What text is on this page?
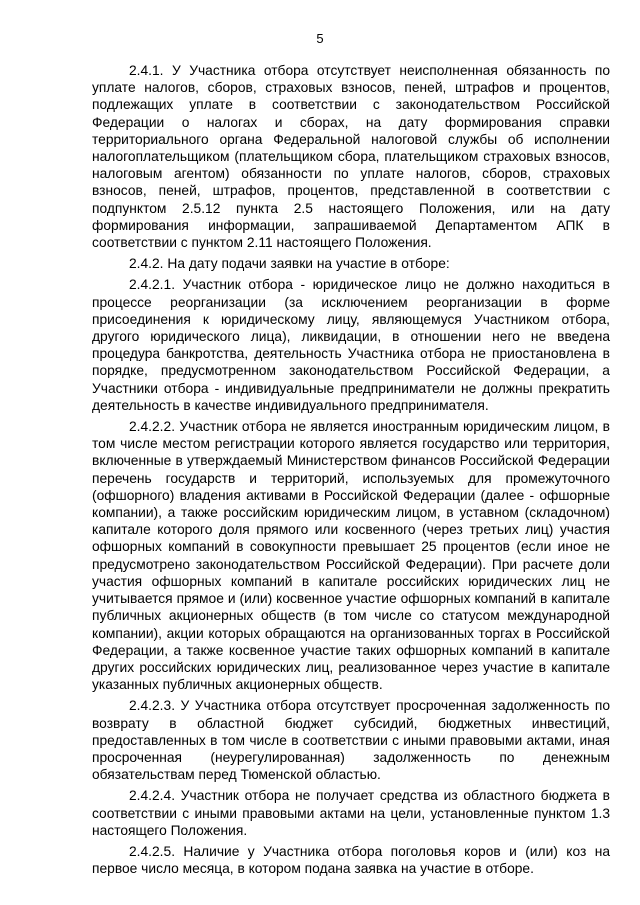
5

2.4.1. У Участника отбора отсутствует неисполненная обязанность по уплате налогов, сборов, страховых взносов, пеней, штрафов и процентов, подлежащих уплате в соответствии с законодательством Российской Федерации о налогах и сборах, на дату формирования справки территориального органа Федеральной налоговой службы об исполнении налогоплательщиком (плательщиком сбора, плательщиком страховых взносов, налоговым агентом) обязанности по уплате налогов, сборов, страховых взносов, пеней, штрафов, процентов, представленной в соответствии с подпунктом 2.5.12 пункта 2.5 настоящего Положения, или на дату формирования информации, запрашиваемой Департаментом АПК в соответствии с пунктом 2.11 настоящего Положения.

2.4.2. На дату подачи заявки на участие в отборе:

2.4.2.1. Участник отбора - юридическое лицо не должно находиться в процессе реорганизации (за исключением реорганизации в форме присоединения к юридическому лицу, являющемуся Участником отбора, другого юридического лица), ликвидации, в отношении него не введена процедура банкротства, деятельность Участника отбора не приостановлена в порядке, предусмотренном законодательством Российской Федерации, а Участники отбора - индивидуальные предприниматели не должны прекратить деятельность в качестве индивидуального предпринимателя.

2.4.2.2. Участник отбора не является иностранным юридическим лицом, в том числе местом регистрации которого является государство или территория, включенные в утверждаемый Министерством финансов Российской Федерации перечень государств и территорий, используемых для промежуточного (офшорного) владения активами в Российской Федерации (далее - офшорные компании), а также российским юридическим лицом, в уставном (складочном) капитале которого доля прямого или косвенного (через третьих лиц) участия офшорных компаний в совокупности превышает 25 процентов (если иное не предусмотрено законодательством Российской Федерации). При расчете доли участия офшорных компаний в капитале российских юридических лиц не учитывается прямое и (или) косвенное участие офшорных компаний в капитале публичных акционерных обществ (в том числе со статусом международной компании), акции которых обращаются на организованных торгах в Российской Федерации, а также косвенное участие таких офшорных компаний в капитале других российских юридических лиц, реализованное через участие в капитале указанных публичных акционерных обществ.

2.4.2.3. У Участника отбора отсутствует просроченная задолженность по возврату в областной бюджет субсидий, бюджетных инвестиций, предоставленных в том числе в соответствии с иными правовыми актами, иная просроченная (неурегулированная) задолженность по денежным обязательствам перед Тюменской областью.

2.4.2.4. Участник отбора не получает средства из областного бюджета в соответствии с иными правовыми актами на цели, установленные пунктом 1.3 настоящего Положения.

2.4.2.5. Наличие у Участника отбора поголовья коров и (или) коз на первое число месяца, в котором подана заявка на участие в отборе.
